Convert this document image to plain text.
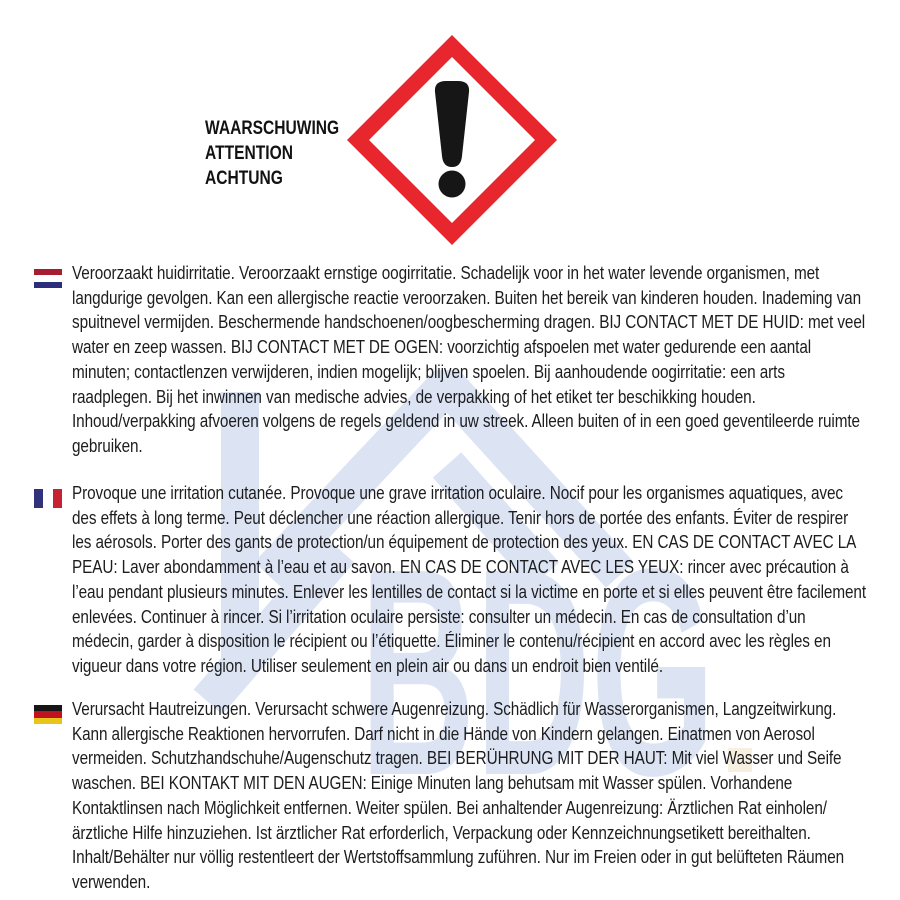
BDG
WAARSCHUWING
ATTENTION
ACHTUNG
Veroorzaakt huidirritatie. Veroorzaakt ernstige oogirritatie. Schadelijk voor in het water levende organismen, met langdurige gevolgen. Kan een allergische reactie veroorzaken. Buiten het bereik van kinderen houden. Inademing van spuitnevel vermijden. Beschermende handschoenen/oogbescherming dragen. BIJ CONTACT MET DE HUID: met veel water en zeep wassen. BIJ CONTACT MET DE OGEN: voorzichtig afspoelen met water gedurende een aantal minuten; contactlenzen verwijderen, indien mogelijk; blijven spoelen. Bij aanhoudende oogirritatie: een arts raadplegen. Bij het inwinnen van medische advies, de verpakking of het etiket ter beschikking houden. Inhoud/verpakking afvoeren volgens de regels geldend in uw streek. Alleen buiten of in een goed geventileerde ruimte gebruiken.
Provoque une irritation cutanée. Provoque une grave irritation oculaire. Nocif pour les organismes aquatiques, avec des effets à long terme. Peut déclencher une réaction allergique. Tenir hors de portée des enfants. Éviter de respirer les aérosols. Porter des gants de protection/un équipement de protection des yeux. EN CAS DE CONTACT AVEC LA PEAU: Laver abondamment à l’eau et au savon. EN CAS DE CONTACT AVEC LES YEUX: rincer avec précaution à l’eau pendant plusieurs minutes. Enlever les lentilles de contact si la victime en porte et si elles peuvent être facilement enlevées. Continuer à rincer. Si l’irritation oculaire persiste: consulter un médecin. En cas de consultation d’un médecin, garder à disposition le récipient ou l’étiquette. Éliminer le contenu/récipient en accord avec les règles en vigueur dans votre région. Utiliser seulement en plein air ou dans un endroit bien ventilé.
Verursacht Hautreizungen. Verursacht schwere Augenreizung. Schädlich für Wasserorganismen, Langzeitwirkung. Kann allergische Reaktionen hervorrufen. Darf nicht in die Hände von Kindern gelangen. Einatmen von Aerosol vermeiden. Schutzhandschuhe/Augenschutz tragen. BEI BERÜHRUNG MIT DER HAUT: Mit viel Wasser und Seife waschen. BEI KONTAKT MIT DEN AUGEN: Einige Minuten lang behutsam mit Wasser spülen. Vorhandene Kontaktlinsen nach Möglichkeit entfernen. Weiter spülen. Bei anhaltender Augenreizung: Ärztlichen Rat einholen/ärztliche Hilfe hinzuziehen. Ist ärztlicher Rat erforderlich, Verpackung oder Kennzeichnungsetikett bereithalten. Inhalt/Behälter nur völlig restentleert der Wertstoffsammlung zuführen. Nur im Freien oder in gut belüfteten Räumen verwenden.
